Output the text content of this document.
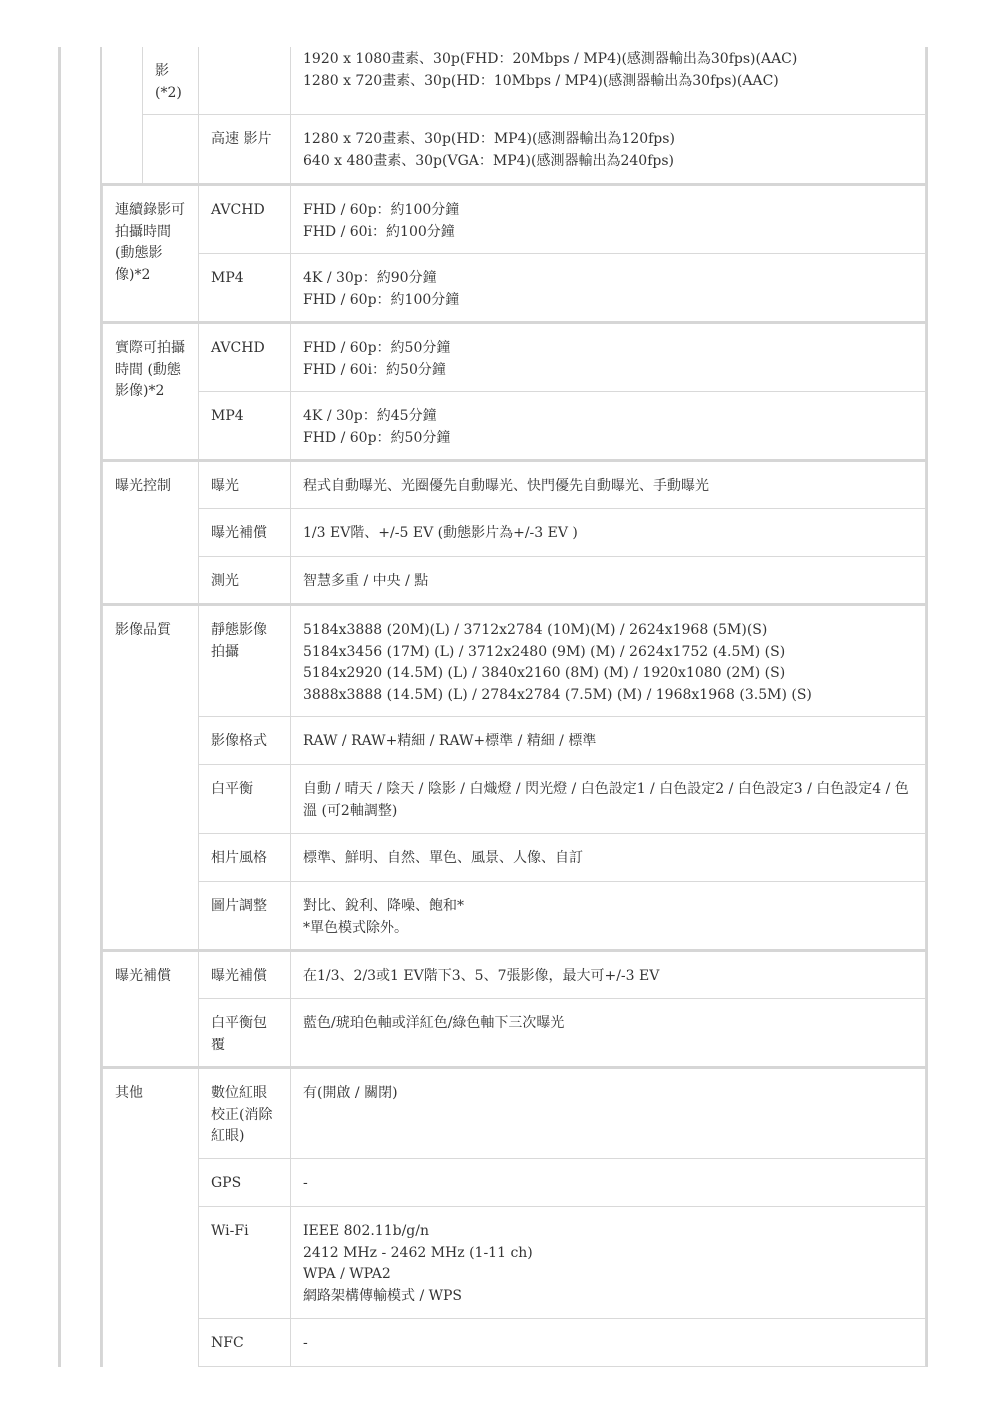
	影
(*2)		1920 x 1080畫素、30p(FHD：20Mbps / MP4)(感測器輸出為30fps)(AAC)
1280 x 720畫素、30p(HD：10Mbps / MP4)(感測器輸出為30fps)(AAC)

		高速 影片	1280 x 720畫素、30p(HD：MP4)(感測器輸出為120fps)
640 x 480畫素、30p(VGA：MP4)(感測器輸出為240fps)

連續錄影可拍攝時間 (動態影像)*2		AVCHD	FHD / 60p：約100分鐘
FHD / 60i：約100分鐘

		MP4	4K / 30p：約90分鐘
FHD / 60p：約100分鐘

實際可拍攝時間 (動態影像)*2		AVCHD	FHD / 60p：約50分鐘
FHD / 60i：約50分鐘

		MP4	4K / 30p：約45分鐘
FHD / 60p：約50分鐘

曝光控制		曝光	程式自動曝光、光圈優先自動曝光、快門優先自動曝光、手動曝光
		曝光補償	1/3 EV階、+/-5 EV (動態影片為+/-3 EV )
		測光	智慧多重 / 中央 / 點
影像品質		靜態影像拍攝	5184x3888 (20M)(L) / 3712x2784 (10M)(M) / 2624x1968 (5M)(S)
5184x3456 (17M) (L) / 3712x2480 (9M) (M) / 2624x1752 (4.5M) (S)
5184x2920 (14.5M) (L) / 3840x2160 (8M) (M) / 1920x1080 (2M) (S)
3888x3888 (14.5M) (L) / 2784x2784 (7.5M) (M) / 1968x1968 (3.5M) (S)

		影像格式	RAW / RAW+精細 / RAW+標準 / 精細 / 標準
		白平衡	自動 / 晴天 / 陰天 / 陰影 / 白熾燈 / 閃光燈 / 白色設定1 / 白色設定2 / 白色設定3 / 白色設定4 / 色溫 (可2軸調整)
		相片風格	標準、鮮明、自然、單色、風景、人像、自訂
		圖片調整	對比、銳利、降噪、飽和*
*單色模式除外。

曝光補償		曝光補償	在1/3、2/3或1 EV階下3、5、7張影像，最大可+/-3 EV
		白平衡包覆	藍色/琥珀色軸或洋紅色/綠色軸下三次曝光
其他		數位紅眼校正(消除紅眼)	有(開啟 / 關閉)
		GPS	-
		Wi-Fi	IEEE 802.11b/g/n
2412 MHz - 2462 MHz (1-11 ch)
WPA / WPA2
網路架構傳輸模式 / WPS

		NFC	-
